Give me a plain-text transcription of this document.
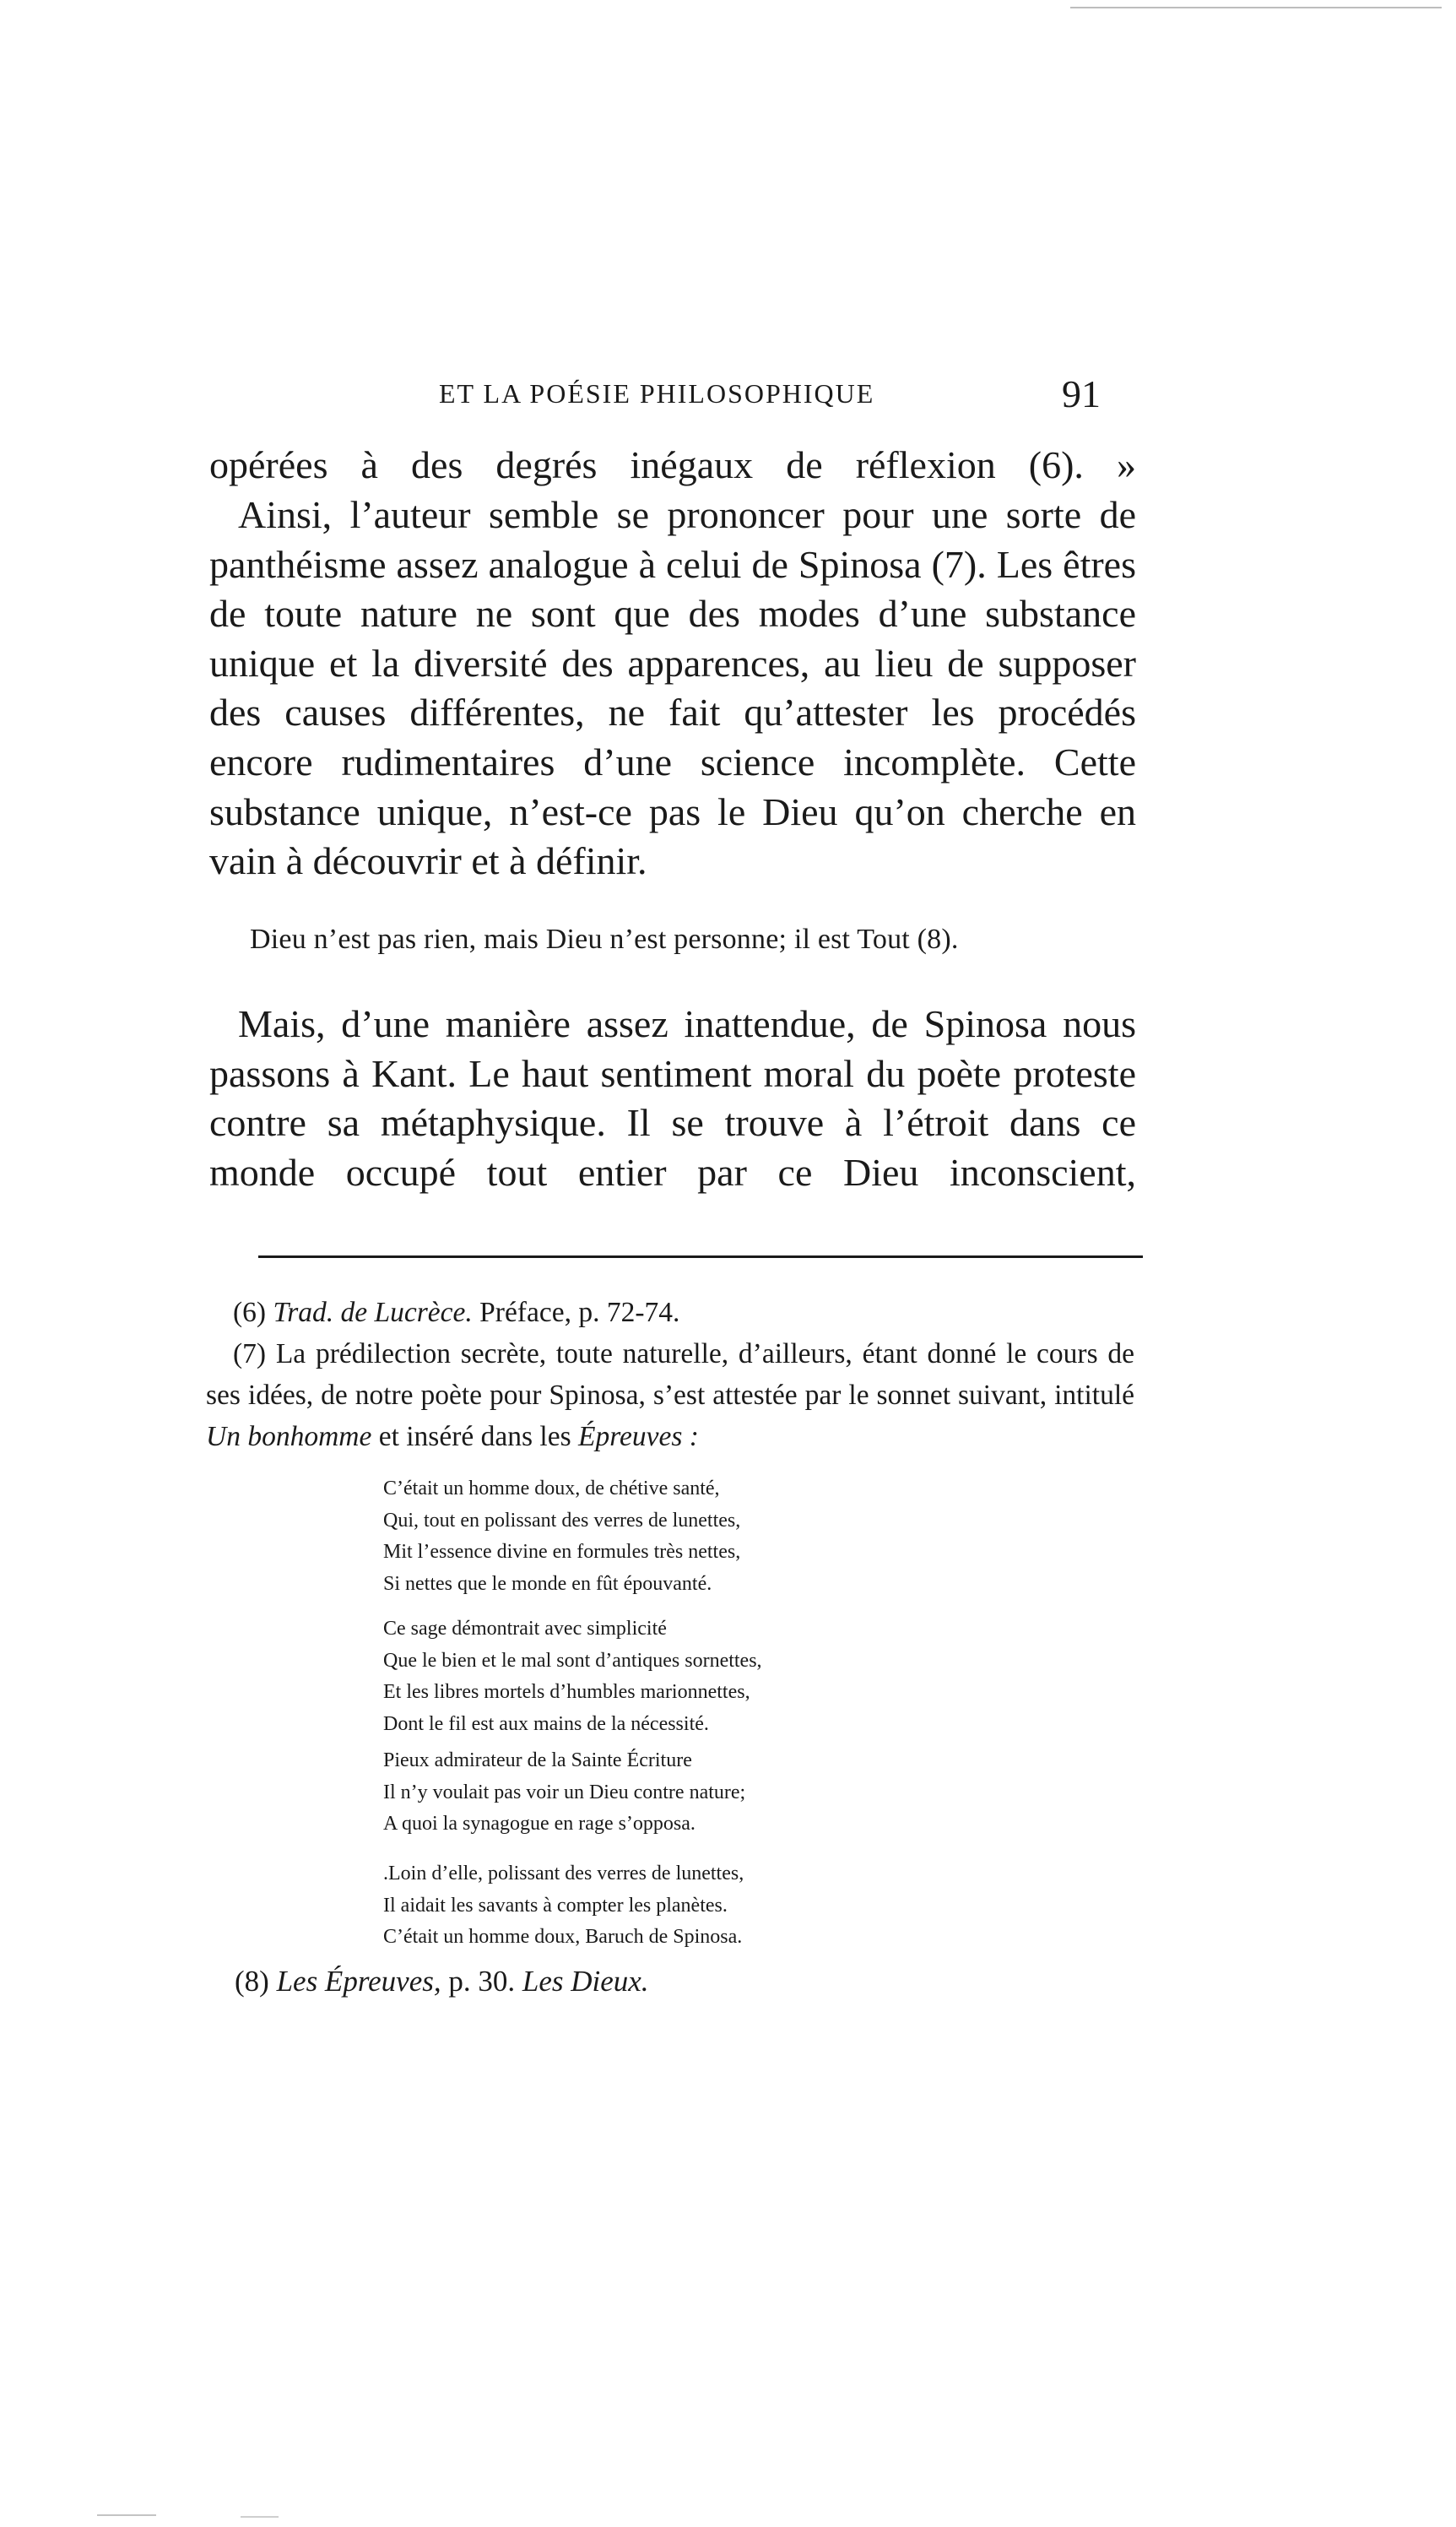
ET LA POÉSIE PHILOSOPHIQUE	91

opérées à des degrés inégaux de réflexion (6). »

Ainsi, l’auteur semble se prononcer pour une sorte de panthéisme assez analogue à celui de Spinosa (7). Les êtres de toute nature ne sont que des modes d’une substance unique et la diversité des apparences, au lieu de supposer des causes différentes, ne fait qu’attester les procédés encore rudimentaires d’une science incomplète. Cette substance unique, n’est-ce pas le Dieu qu’on cherche en vain à découvrir et à définir.

Dieu n’est pas rien, mais Dieu n’est personne; il est Tout (8).

Mais, d’une manière assez inattendue, de Spinosa nous passons à Kant. Le haut sentiment moral du poète proteste contre sa métaphysique. Il se trouve à l’étroit dans ce monde occupé tout entier par ce Dieu inconscient,

(6) Trad. de Lucrèce. Préface, p. 72-74.

(7) La prédilection secrète, toute naturelle, d’ailleurs, étant donné le cours de ses idées, de notre poète pour Spinosa, s’est attestée par le sonnet suivant, intitulé Un bonhomme et inséré dans les Épreuves :

C’était un homme doux, de chétive santé,
Qui, tout en polissant des verres de lunettes,
Mit l’essence divine en formules très nettes,
Si nettes que le monde en fût épouvanté.
Ce sage démontrait avec simplicité
Que le bien et le mal sont d’antiques sornettes,
Et les libres mortels d’humbles marionnettes,
Dont le fil est aux mains de la nécessité.
Pieux admirateur de la Sainte Écriture
Il n’y voulait pas voir un Dieu contre nature;
A quoi la synagogue en rage s’opposa.
.Loin d’elle, polissant des verres de lunettes,
Il aidait les savants à compter les planètes.
C’était un homme doux, Baruch de Spinosa.

(8) Les Épreuves, p. 30. Les Dieux.
